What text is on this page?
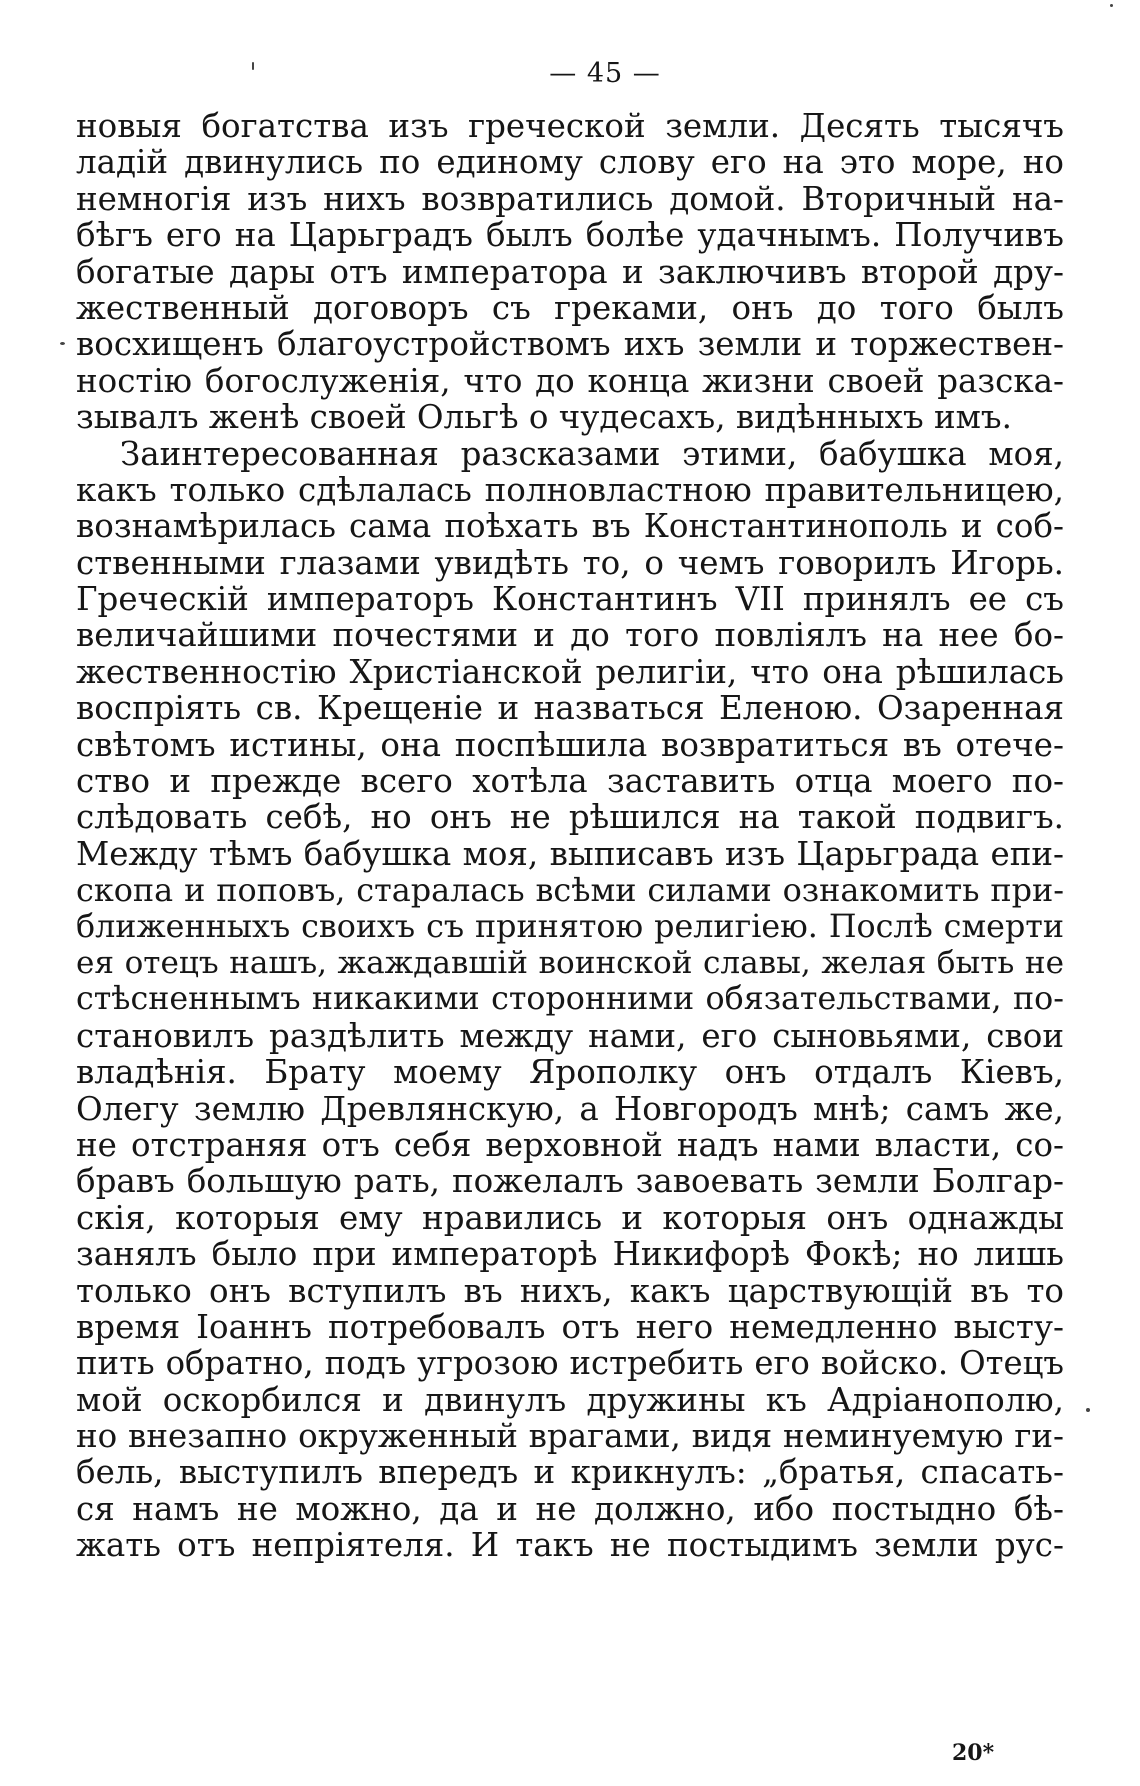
— 45 —
новыя богатства изъ греческой земли. Десять тысячъ
ладій двинулись по единому слову его на это море, но
немногія изъ нихъ возвратились домой. Вторичный на-
бѣгъ его на Царьградъ былъ болѣе удачнымъ. Получивъ
богатые дары отъ императора и заключивъ второй дру-
жественный договоръ съ греками, онъ до того былъ
восхищенъ благоустройствомъ ихъ земли и торжествен-
ностію богослуженія, что до конца жизни своей разска-
зывалъ женѣ своей Ольгѣ о чудесахъ, видѣнныхъ имъ.
Заинтересованная разсказами этими, бабушка моя,
какъ только сдѣлалась полновластною правительницею,
вознамѣрилась сама поѣхать въ Константинополь и соб-
ственными глазами увидѣть то, о чемъ говорилъ Игорь.
Греческій императоръ Константинъ VII принялъ ее съ
величайшими почестями и до того повліялъ на нее бо-
жественностію Христіанской религіи, что она рѣшилась
воспріять св. Крещеніе и назваться Еленою. Озаренная
свѣтомъ истины, она поспѣшила возвратиться въ отече-
ство и прежде всего хотѣла заставить отца моего по-
слѣдовать себѣ, но онъ не рѣшился на такой подвигъ.
Между тѣмъ бабушка моя, выписавъ изъ Царьграда епи-
скопа и поповъ, старалась всѣми силами ознакомить при-
ближенныхъ своихъ съ принятою религіею. Послѣ смерти
ея отецъ нашъ, жаждавшій воинской славы, желая быть не
стѣсненнымъ никакими сторонними обязательствами, по-
становилъ раздѣлить между нами, его сыновьями, свои
владѣнія. Брату моему Ярополку онъ отдалъ Кіевъ,
Олегу землю Древлянскую, а Новгородъ мнѣ; самъ же,
не отстраняя отъ себя верховной надъ нами власти, со-
бравъ большую рать, пожелалъ завоевать земли Болгар-
скія, которыя ему нравились и которыя онъ однажды
занялъ было при императорѣ Никифорѣ Фокѣ; но лишь
только онъ вступилъ въ нихъ, какъ царствующій въ то
время Іоаннъ потребовалъ отъ него немедленно высту-
пить обратно, подъ угрозою истребить его войско. Отецъ
мой оскорбился и двинулъ дружины къ Адріанополю,
но внезапно окруженный врагами, видя неминуемую ги-
бель, выступилъ впередъ и крикнулъ: „братья, спасать-
ся намъ не можно, да и не должно, ибо постыдно бѣ-
жать отъ непріятеля. И такъ не постыдимъ земли рус-
20*
